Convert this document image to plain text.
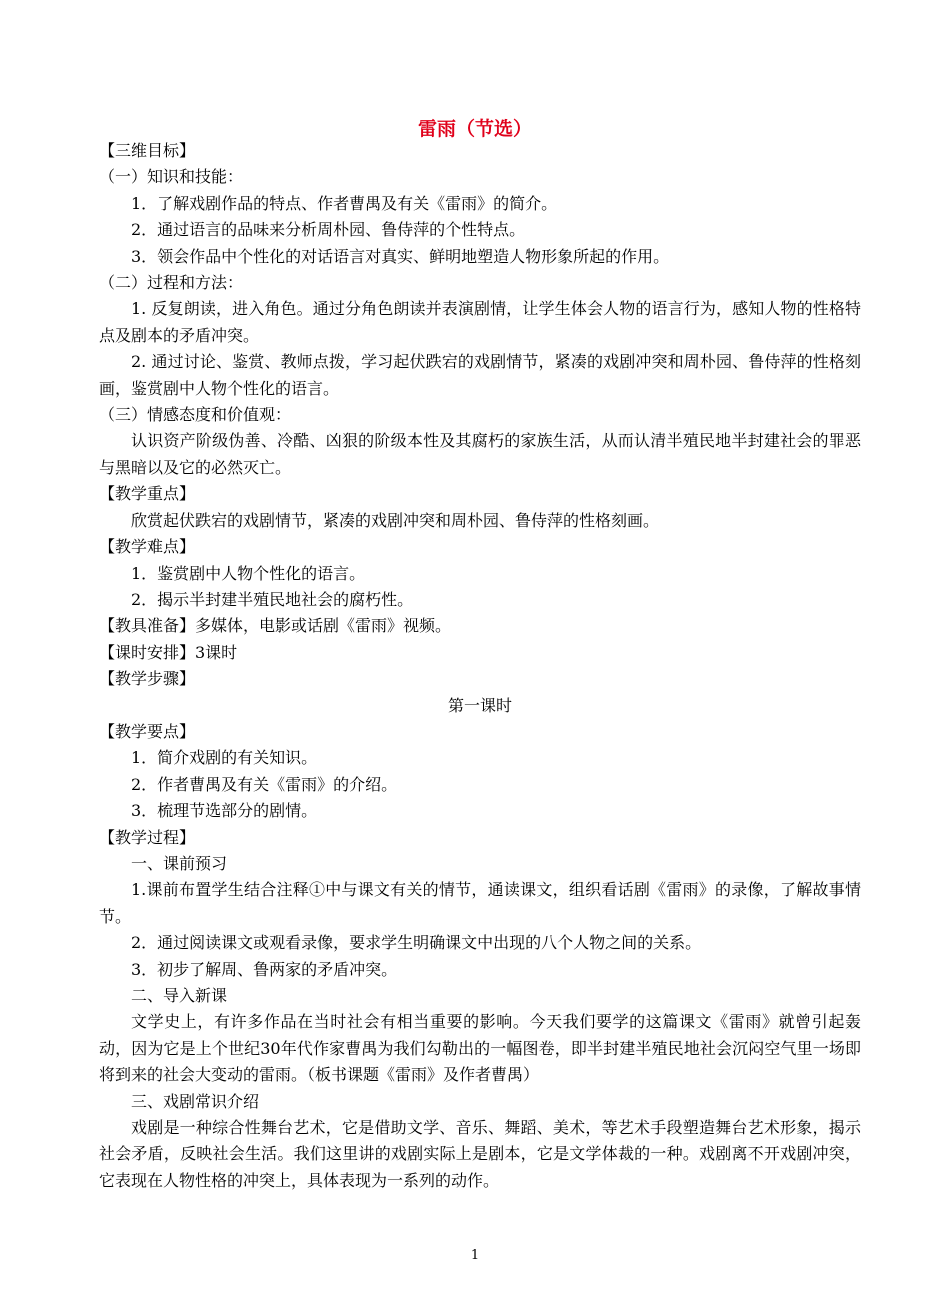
雷雨（节选）

【三维目标】

（一）知识和技能：

1．了解戏剧作品的特点、作者曹禺及有关《雷雨》的简介。

2．通过语言的品味来分析周朴园、鲁侍萍的个性特点。

3．领会作品中个性化的对话语言对真实、鲜明地塑造人物形象所起的作用。

（二）过程和方法：

1. 反复朗读，进入角色。通过分角色朗读并表演剧情，让学生体会人物的语言行为，感知人物的性格特点及剧本的矛盾冲突。

2. 通过讨论、鉴赏、教师点拨，学习起伏跌宕的戏剧情节，紧凑的戏剧冲突和周朴园、鲁侍萍的性格刻画，鉴赏剧中人物个性化的语言。

（三）情感态度和价值观：

认识资产阶级伪善、冷酷、凶狠的阶级本性及其腐朽的家族生活，从而认清半殖民地半封建社会的罪恶与黑暗以及它的必然灭亡。

【教学重点】

欣赏起伏跌宕的戏剧情节，紧凑的戏剧冲突和周朴园、鲁侍萍的性格刻画。

【教学难点】

1．鉴赏剧中人物个性化的语言。

2．揭示半封建半殖民地社会的腐朽性。

【教具准备】多媒体，电影或话剧《雷雨》视频。

【课时安排】3课时

【教学步骤】

第一课时

【教学要点】

1．简介戏剧的有关知识。

2．作者曹禺及有关《雷雨》的介绍。

3．梳理节选部分的剧情。

【教学过程】

一、课前预习

1.课前布置学生结合注释①中与课文有关的情节，通读课文，组织看话剧《雷雨》的录像，了解故事情节。

2．通过阅读课文或观看录像，要求学生明确课文中出现的八个人物之间的关系。

3．初步了解周、鲁两家的矛盾冲突。

二、导入新课

文学史上，有许多作品在当时社会有相当重要的影响。今天我们要学的这篇课文《雷雨》就曾引起轰动，因为它是上个世纪30年代作家曹禺为我们勾勒出的一幅图卷，即半封建半殖民地社会沉闷空气里一场即将到来的社会大变动的雷雨。（板书课题《雷雨》及作者曹禺）

三、戏剧常识介绍

戏剧是一种综合性舞台艺术，它是借助文学、音乐、舞蹈、美术，等艺术手段塑造舞台艺术形象，揭示社会矛盾，反映社会生活。我们这里讲的戏剧实际上是剧本，它是文学体裁的一种。戏剧离不开戏剧冲突，它表现在人物性格的冲突上，具体表现为一系列的动作。

1
